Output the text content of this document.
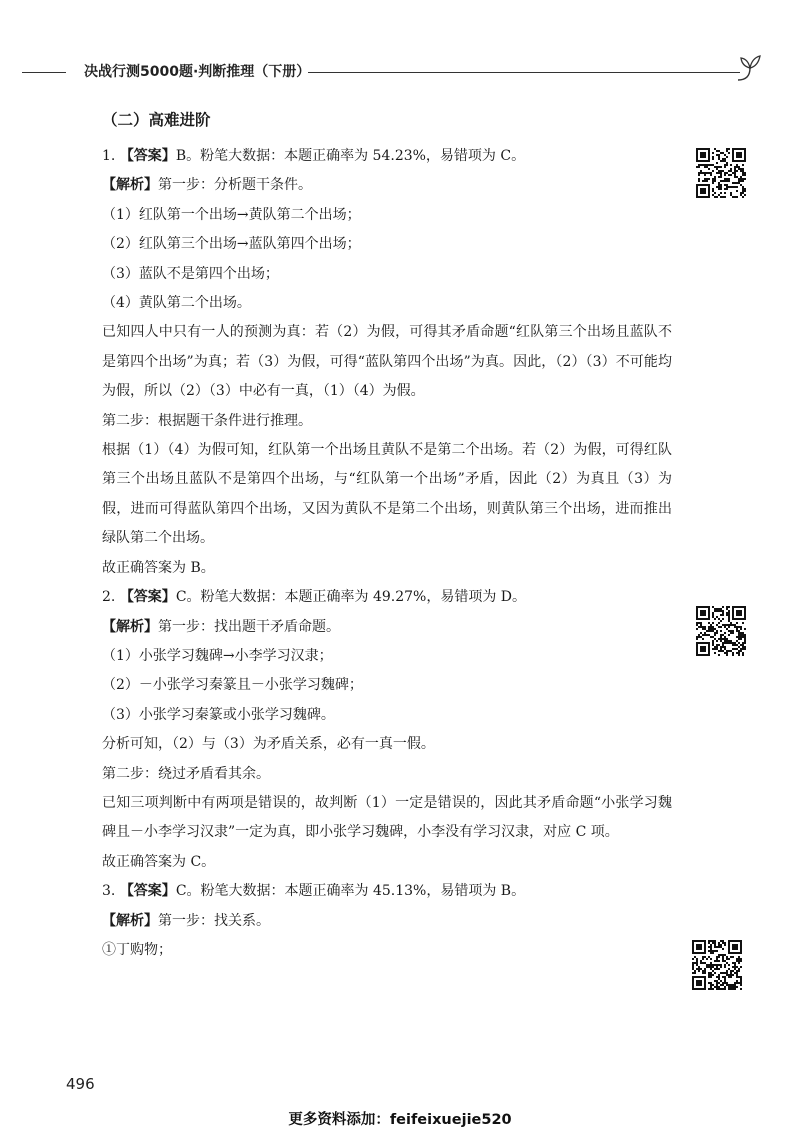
决战行测5000题·判断推理（下册）
（二）高难进阶
1. 【答案】B。粉笔大数据：本题正确率为 54.23%，易错项为 C。
【解析】第一步：分析题干条件。
（1）红队第一个出场→黄队第二个出场；
（2）红队第三个出场→蓝队第四个出场；
（3）蓝队不是第四个出场；
（4）黄队第二个出场。

已知四人中只有一人的预测为真：若（2）为假，可得其矛盾命题“红队第三个出场且蓝队不是第四个出场”为真；若（3）为假，可得“蓝队第四个出场”为真。因此，（2）（3）不可能均为假，所以（2）（3）中必有一真，（1）（4）为假。

第二步：根据题干条件进行推理。

根据（1）（4）为假可知，红队第一个出场且黄队不是第二个出场。若（2）为假，可得红队第三个出场且蓝队不是第四个出场，与“红队第一个出场”矛盾，因此（2）为真且（3）为假，进而可得蓝队第四个出场，又因为黄队不是第二个出场，则黄队第三个出场，进而推出绿队第二个出场。

故正确答案为 B。
2. 【答案】C。粉笔大数据：本题正确率为 49.27%，易错项为 D。
【解析】第一步：找出题干矛盾命题。
（1）小张学习魏碑→小李学习汉隶；
（2）－小张学习秦篆且－小张学习魏碑；
（3）小张学习秦篆或小张学习魏碑。
分析可知，（2）与（3）为矛盾关系，必有一真一假。
第二步：绕过矛盾看其余。

已知三项判断中有两项是错误的，故判断（1）一定是错误的，因此其矛盾命题“小张学习魏碑且－小李学习汉隶”一定为真，即小张学习魏碑，小李没有学习汉隶，对应 C 项。

故正确答案为 C。
3. 【答案】C。粉笔大数据：本题正确率为 45.13%，易错项为 B。
【解析】第一步：找关系。
①丁购物；
496
更多资料添加：feifeixuejie520
